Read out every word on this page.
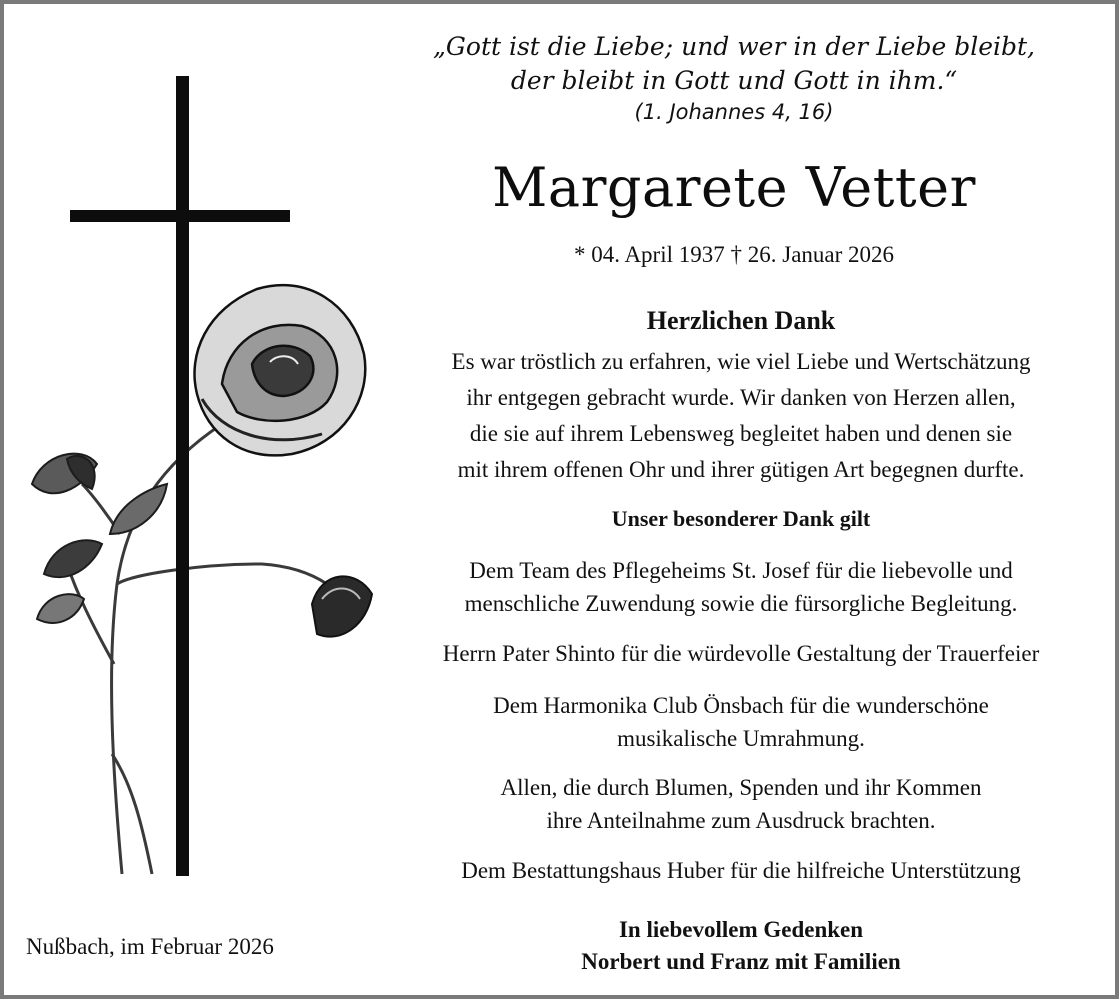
„Gott ist die Liebe; und wer in der Liebe bleibt,
der bleibt in Gott und Gott in ihm.“
(1. Johannes 4, 16)
Margarete Vetter
* 04. April 1937 † 26. Januar 2026
Herzlichen Dank
Es war tröstlich zu erfahren, wie viel Liebe und Wertschätzung
ihr entgegen gebracht wurde. Wir danken von Herzen allen,
die sie auf ihrem Lebensweg begleitet haben und denen sie
mit ihrem offenen Ohr und ihrer gütigen Art begegnen durfte.
Unser besonderer Dank gilt
Dem Team des Pflegeheims St. Josef für die liebevolle und
menschliche Zuwendung sowie die fürsorgliche Begleitung.
Herrn Pater Shinto für die würdevolle Gestaltung der Trauerfeier
Dem Harmonika Club Önsbach für die wunderschöne
musikalische Umrahmung.
Allen, die durch Blumen, Spenden und ihr Kommen
ihre Anteilnahme zum Ausdruck brachten.
Dem Bestattungshaus Huber für die hilfreiche Unterstützung
In liebevollem Gedenken
Norbert und Franz mit Familien
Nußbach, im Februar 2026
